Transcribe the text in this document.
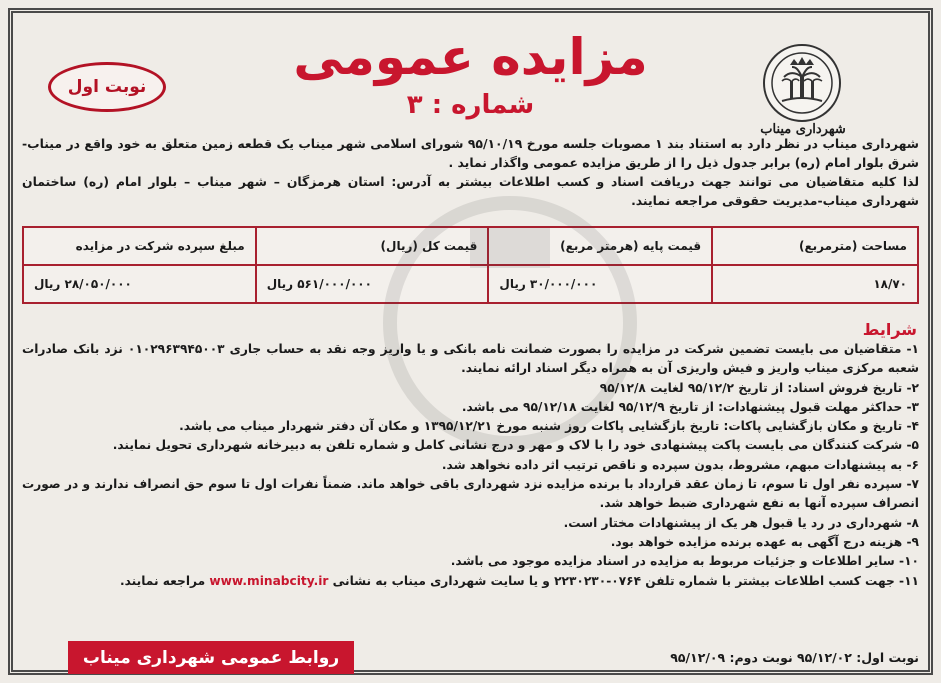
شهرداری میناب
مزایده عمومی
شماره : ۳
نوبت اول

شهرداری میناب در نظر دارد به استناد بند ۱ مصوبات جلسه مورخ ۹۵/۱۰/۱۹ شورای اسلامی شهر میناب یک قطعه زمین متعلق به خود واقع در میناب- شرق بلوار امام (ره) برابر جدول ذیل را از طریق مزایده عمومی واگذار نماید .

لذا کلیه متقاضیان می توانند جهت دریافت اسناد و کسب اطلاعات بیشتر به آدرس: استان هرمزگان – شهر میناب – بلوار امام (ره) ساختمان شهرداری میناب-مدیریت حقوقی مراجعه نمایند.

مساحت (مترمربع)	قیمت پایه (هرمتر مربع)	قیمت کل (ریال)	مبلغ سپرده شرکت در مزایده
۱۸/۷۰	۳۰/۰۰۰/۰۰۰ ریال	۵۶۱/۰۰۰/۰۰۰ ریال	۲۸/۰۵۰/۰۰۰ ریال
شرایط
۱- متقاضیان می بایست تضمین شرکت در مزایده را بصورت ضمانت نامه بانکی و یا واریز وجه نقد به حساب جاری ۰۱۰۲۹۶۳۹۴۵۰۰۳ نزد بانک صادرات شعبه مرکزی میناب واریز و فیش واریزی آن به همراه دیگر اسناد ارائه نمایند.
۲- تاریخ فروش اسناد: از تاریخ ۹۵/۱۲/۲ لغایت ۹۵/۱۲/۸
۳- حداکثر مهلت قبول پیشنهادات: از تاریخ ۹۵/۱۲/۹ لغایت ۹۵/۱۲/۱۸ می باشد.
۴- تاریخ و مکان بازگشایی پاکات: تاریخ بازگشایی پاکات روز شنبه مورخ ۱۳۹۵/۱۲/۲۱ و مکان آن دفتر شهردار میناب می باشد.
۵- شرکت کنندگان می بایست پاکت پیشنهادی خود را با لاک و مهر و درج نشانی کامل و شماره تلفن به دبیرخانه شهرداری تحویل نمایند.
۶- به پیشنهادات مبهم، مشروط، بدون سپرده و ناقص ترتیب اثر داده نخواهد شد.
۷- سپرده نفر اول تا سوم، تا زمان عقد قرارداد با برنده مزایده نزد شهرداری باقی خواهد ماند. ضمناً نفرات اول تا سوم حق انصراف ندارند و در صورت انصراف سپرده آنها به نفع شهرداری ضبط خواهد شد.
۸- شهرداری در رد یا قبول هر یک از پیشنهادات مختار است.
۹- هزینه درج آگهی به عهده برنده مزایده خواهد بود.
۱۰- سایر اطلاعات و جزئیات مربوط به مزایده در اسناد مزایده موجود می باشد.
۱۱- جهت کسب اطلاعات بیشتر با شماره تلفن ۰۷۶۴-۲۲۳۰۲۳۰ و یا سایت شهرداری میناب به نشانی www.minabcity.ir مراجعه نمایند.
نوبت اول: ۹۵/۱۲/۰۲ نوبت دوم: ۹۵/۱۲/۰۹
روابط عمومی شهرداری میناب
